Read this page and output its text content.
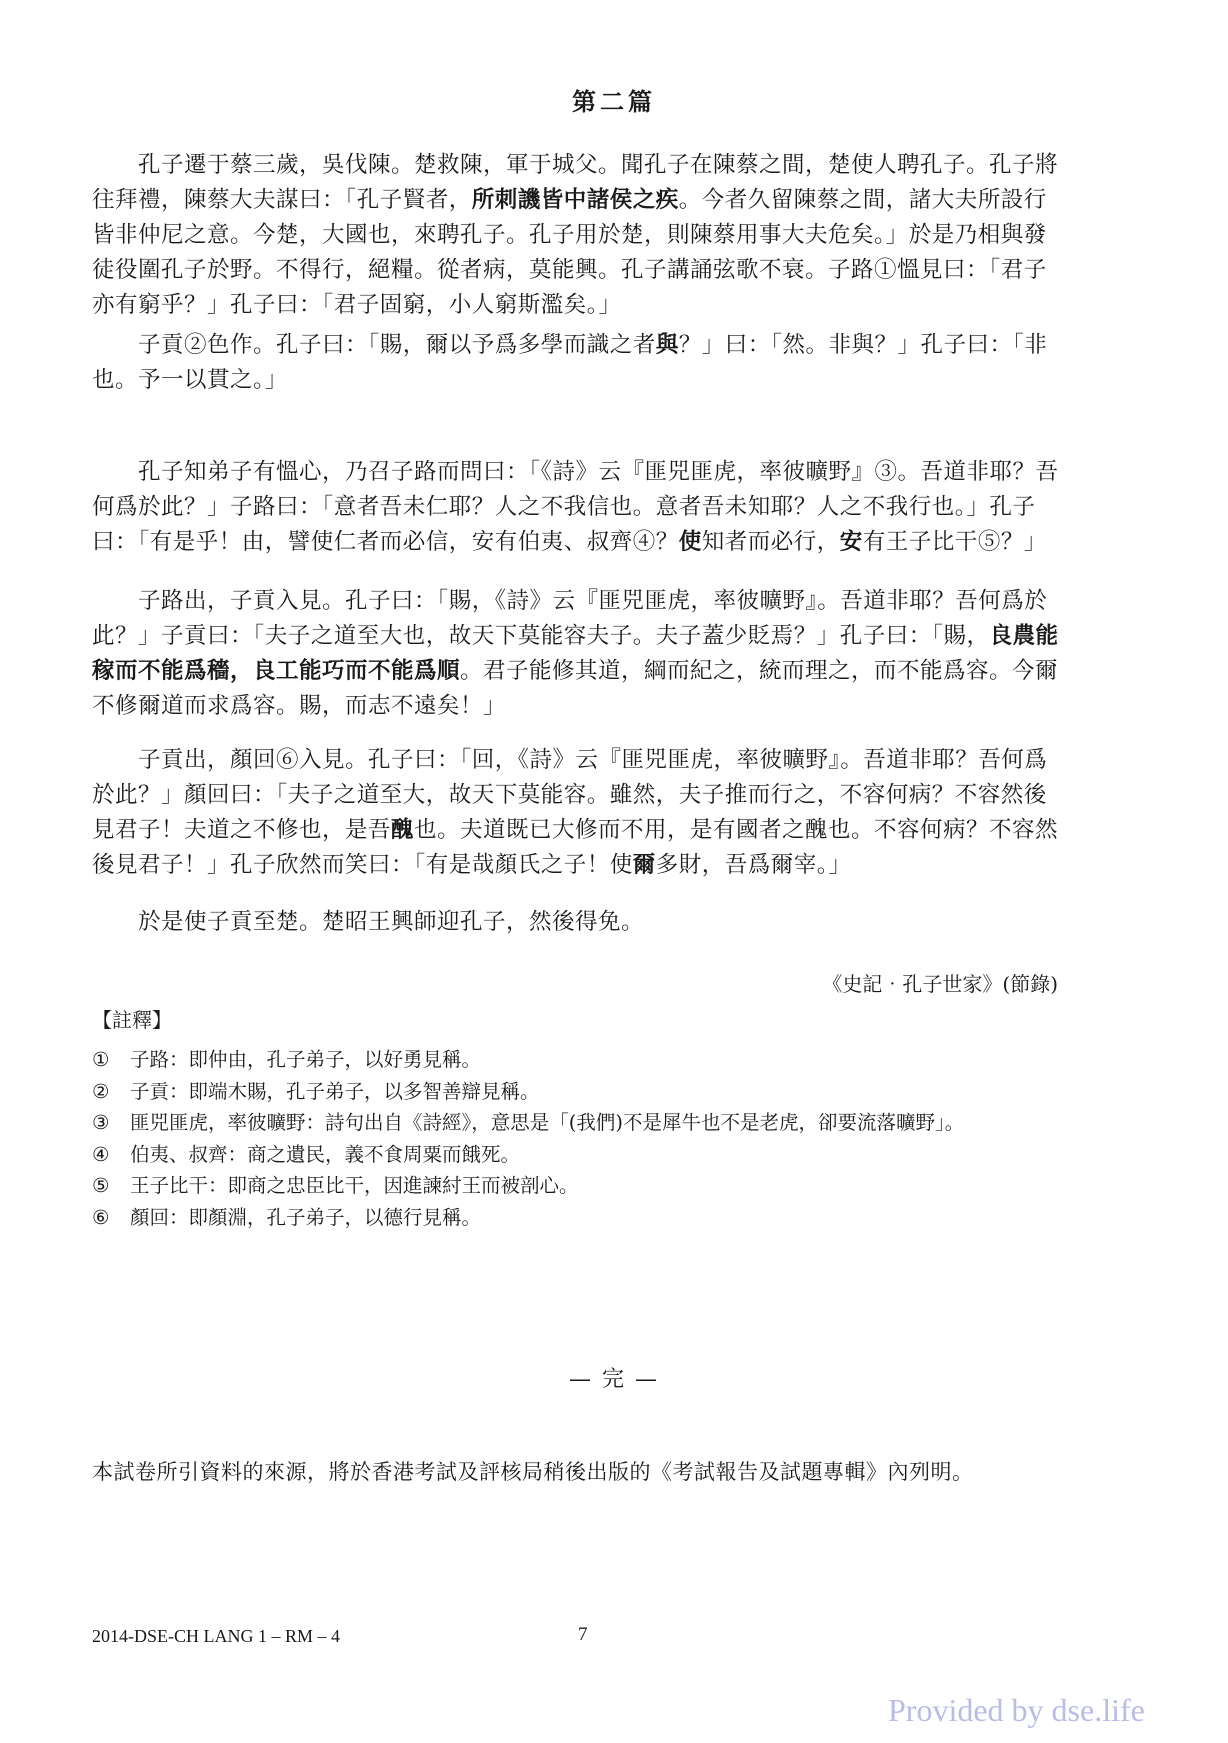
第二篇

孔子遷于蔡三歲，吳伐陳。楚救陳，軍于城父。聞孔子在陳蔡之間，楚使人聘孔子。孔子將往拜禮，陳蔡大夫謀曰：「孔子賢者，所刺譏皆中諸侯之疾。今者久留陳蔡之間，諸大夫所設行皆非仲尼之意。今楚，大國也，來聘孔子。孔子用於楚，則陳蔡用事大夫危矣。」於是乃相與發徒役圍孔子於野。不得行，絕糧。從者病，莫能興。孔子講誦弦歌不衰。子路①慍見曰：「君子亦有窮乎？」孔子曰：「君子固窮，小人窮斯濫矣。」

子貢②色作。孔子曰：「賜，爾以予爲多學而識之者與？」曰：「然。非與？」孔子曰：「非也。予一以貫之。」

孔子知弟子有慍心，乃召子路而問曰：「《詩》云『匪兕匪虎，率彼曠野』③。吾道非耶？吾何爲於此？」子路曰：「意者吾未仁耶？人之不我信也。意者吾未知耶？人之不我行也。」孔子曰：「有是乎！由，譬使仁者而必信，安有伯夷、叔齊④？使知者而必行，安有王子比干⑤？」

子路出，子貢入見。孔子曰：「賜，《詩》云『匪兕匪虎，率彼曠野』。吾道非耶？吾何爲於此？」子貢曰：「夫子之道至大也，故天下莫能容夫子。夫子蓋少貶焉？」孔子曰：「賜，良農能稼而不能爲穡，良工能巧而不能爲順。君子能修其道，綱而紀之，統而理之，而不能爲容。今爾不修爾道而求爲容。賜，而志不遠矣！」

子貢出，顏回⑥入見。孔子曰：「回，《詩》云『匪兕匪虎，率彼曠野』。吾道非耶？吾何爲於此？」顏回曰：「夫子之道至大，故天下莫能容。雖然，夫子推而行之，不容何病？不容然後見君子！夫道之不修也，是吾醜也。夫道既已大修而不用，是有國者之醜也。不容何病？不容然後見君子！」孔子欣然而笑曰：「有是哉顏氏之子！使爾多財，吾爲爾宰。」

於是使子貢至楚。楚昭王興師迎孔子，然後得免。

《史記‧孔子世家》(節錄)
【註釋】
① 子路：即仲由，孔子弟子，以好勇見稱。
② 子貢：即端木賜，孔子弟子，以多智善辯見稱。
③ 匪兕匪虎，率彼曠野：詩句出自《詩經》，意思是「(我們)不是犀牛也不是老虎，卻要流落曠野」。
④ 伯夷、叔齊：商之遺民，義不食周粟而餓死。
⑤ 王子比干：即商之忠臣比干，因進諫紂王而被剖心。
⑥ 顏回：即顏淵，孔子弟子，以德行見稱。
— 完 —
本試卷所引資料的來源，將於香港考試及評核局稍後出版的《考試報告及試題專輯》內列明。
2014-DSE-CH LANG 1 – RM – 4	7
Provided by dse.life
